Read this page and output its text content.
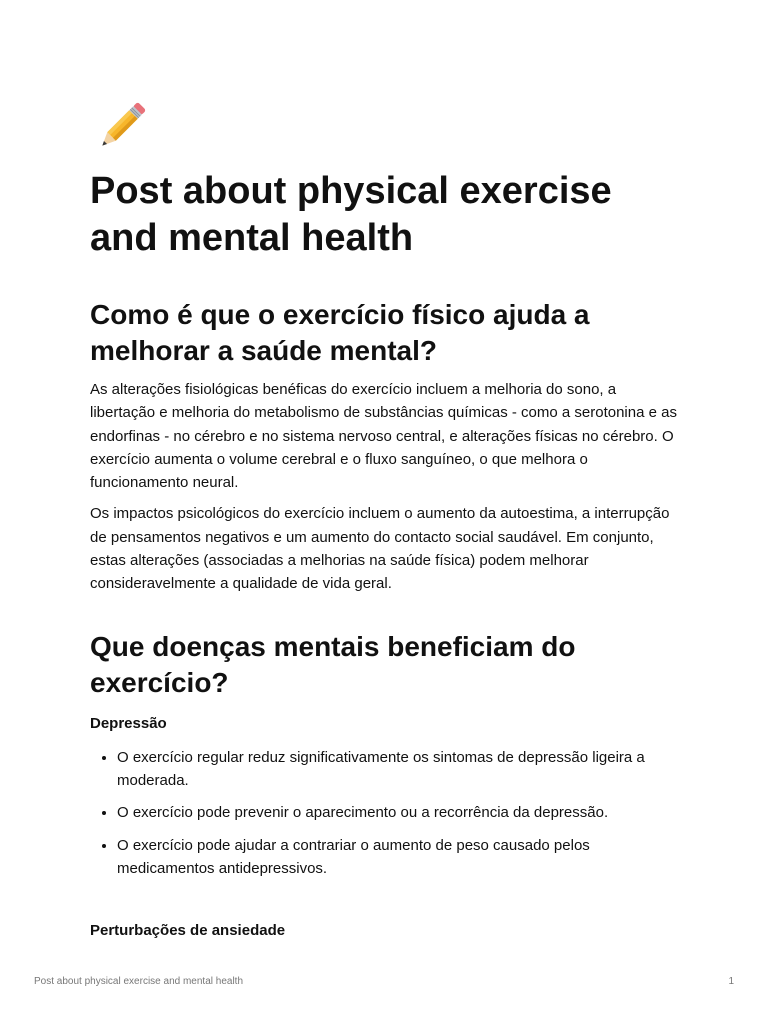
Post about physical exercise and mental health
Como é que o exercício físico ajuda a melhorar a saúde mental?

As alterações fisiológicas benéficas do exercício incluem a melhoria do sono, a libertação e melhoria do metabolismo de substâncias químicas - como a serotonina e as endorfinas - no cérebro e no sistema nervoso central, e alterações físicas no cérebro. O exercício aumenta o volume cerebral e o fluxo sanguíneo, o que melhora o funcionamento neural.

Os impactos psicológicos do exercício incluem o aumento da autoestima, a interrupção de pensamentos negativos e um aumento do contacto social saudável. Em conjunto, estas alterações (associadas a melhorias na saúde física) podem melhorar consideravelmente a qualidade de vida geral.

Que doenças mentais beneficiam do exercício?
Depressão
• O exercício regular reduz significativamente os sintomas de depressão ligeira a moderada.
• O exercício pode prevenir o aparecimento ou a recorrência da depressão.
• O exercício pode ajudar a contrariar o aumento de peso causado pelos medicamentos antidepressivos.
Perturbações de ansiedade
Post about physical exercise and mental health	1
